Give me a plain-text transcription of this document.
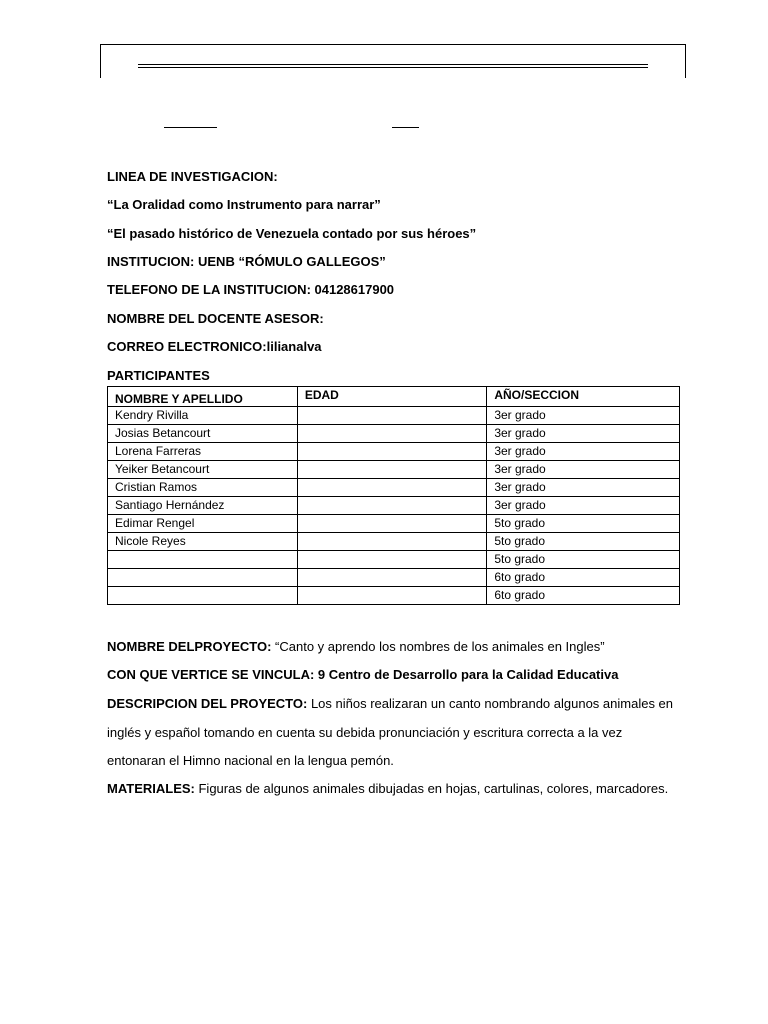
LINEA DE INVESTIGACION:
“La Oralidad como Instrumento para narrar”
“El pasado histórico de Venezuela contado por sus héroes”
INSTITUCION: UENB “RÓMULO GALLEGOS”
TELEFONO DE LA INSTITUCION: 04128617900
NOMBRE DEL DOCENTE ASESOR:
CORREO ELECTRONICO:lilianalva
PARTICIPANTES
NOMBRE Y APELLIDO	EDAD	AÑO/SECCION
Kendry Rivilla		3er grado
Josias Betancourt		3er grado
Lorena Farreras		3er grado
Yeiker Betancourt		3er grado
Cristian Ramos		3er grado
Santiago Hernández		3er grado
Edimar Rengel		5to grado
Nicole Reyes		5to grado
		5to grado
		6to grado
		6to grado
NOMBRE DELPROYECTO: “Canto y aprendo los nombres de los animales en Ingles”
CON QUE VERTICE SE VINCULA: 9 Centro de Desarrollo para la Calidad Educativa
DESCRIPCION DEL PROYECTO: Los niños realizaran un canto nombrando algunos animales en inglés y español tomando en cuenta su debida pronunciación y escritura correcta a la vez entonaran el Himno nacional en la lengua pemón.
MATERIALES: Figuras de algunos animales dibujadas en hojas, cartulinas, colores, marcadores.
